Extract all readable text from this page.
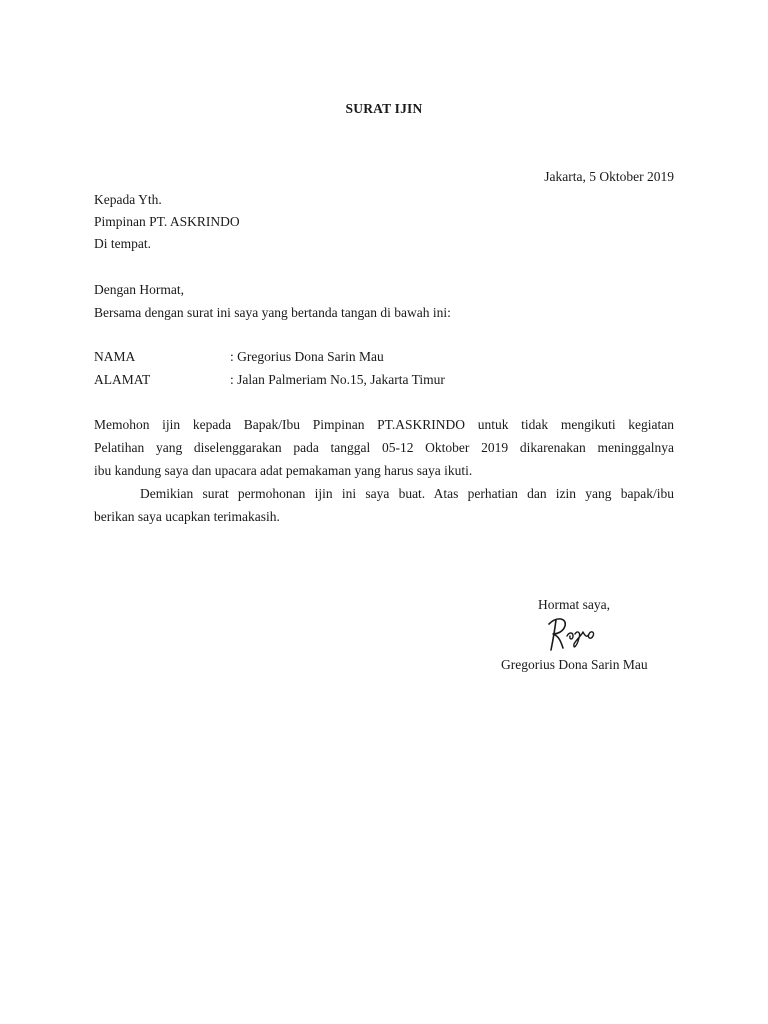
SURAT IJIN
Jakarta, 5 Oktober 2019
Kepada Yth.
Pimpinan PT. ASKRINDO
Di tempat.
Dengan Hormat,
Bersama dengan surat ini saya yang bertanda tangan di bawah ini:
NAMA	: Gregorius Dona Sarin Mau
ALAMAT	: Jalan Palmeriam No.15, Jakarta Timur
Memohon ijin kepada Bapak/Ibu Pimpinan PT.ASKRINDO untuk tidak mengikuti kegiatan
Pelatihan yang diselenggarakan pada tanggal 05-12 Oktober 2019 dikarenakan meninggalnya
ibu kandung saya dan upacara adat pemakaman yang harus saya ikuti.
Demikian surat permohonan ijin ini saya buat. Atas perhatian dan izin yang bapak/ibu
berikan saya ucapkan terimakasih.
Hormat saya,
Gregorius Dona Sarin Mau
